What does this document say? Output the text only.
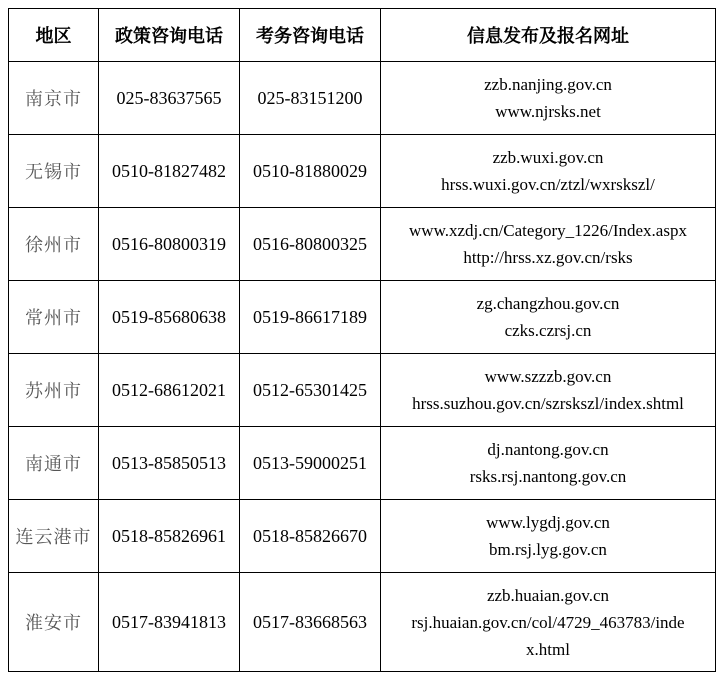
地区	政策咨询电话	考务咨询电话	信息发布及报名网址
南京市	025-83637565	025-83151200	zzb.nanjing.gov.cn
www.njrsks.net

无锡市	0510-81827482	0510-81880029	zzb.wuxi.gov.cn
hrss.wuxi.gov.cn/ztzl/wxrskszl/

徐州市	0516-80800319	0516-80800325	www.xzdj.cn/Category_1226/Index.aspx
http://hrss.xz.gov.cn/rsks

常州市	0519-85680638	0519-86617189	zg.changzhou.gov.cn
czks.czrsj.cn

苏州市	0512-68612021	0512-65301425	www.szzzb.gov.cn
hrss.suzhou.gov.cn/szrskszl/index.shtml

南通市	0513-85850513	0513-59000251	dj.nantong.gov.cn
rsks.rsj.nantong.gov.cn

连云港市	0518-85826961	0518-85826670	www.lygdj.gov.cn
bm.rsj.lyg.gov.cn

淮安市	0517-83941813	0517-83668563	zzb.huaian.gov.cn
rsj.huaian.gov.cn/col/4729_463783/inde
x.html
